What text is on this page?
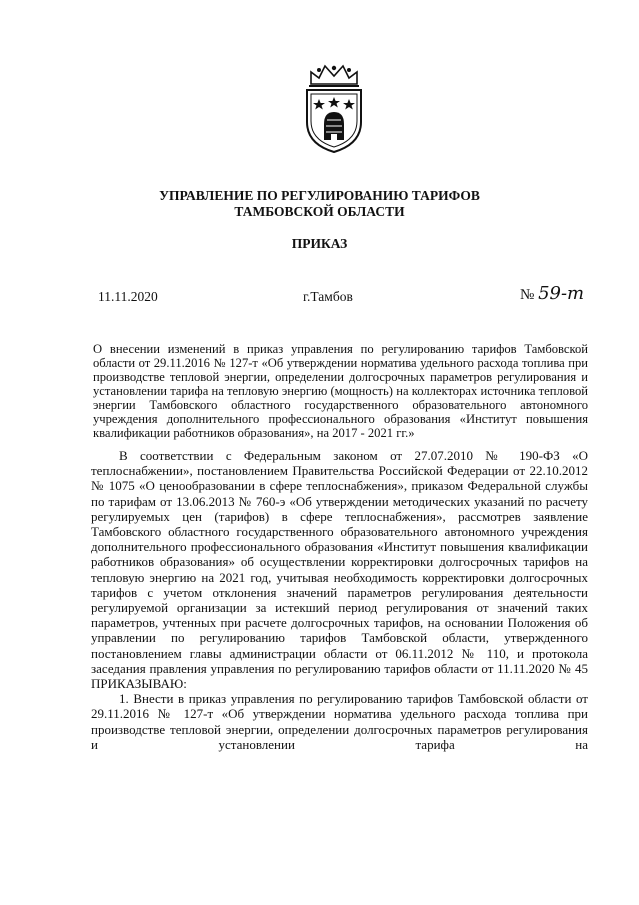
УПРАВЛЕНИЕ ПО РЕГУЛИРОВАНИЮ ТАРИФОВ
ТАМБОВСКОЙ ОБЛАСТИ
ПРИКАЗ
11.11.2020	г.Тамбов	№ 59-т
О внесении изменений в приказ управления по регулированию тарифов Тамбовской области от 29.11.2016 № 127-т «Об утверждении норматива удельного расхода топлива при производстве тепловой энергии, определении долгосрочных параметров регулирования и установлении тарифа на тепловую энергию (мощность) на коллекторах источника тепловой энергии Тамбовского областного государственного образовательного автономного учреждения дополнительного профессионального образования «Институт повышения квалификации работников образования», на 2017 - 2021 гг.»

В соответствии с Федеральным законом от 27.07.2010 № 190-ФЗ «О теплоснабжении», постановлением Правительства Российской Федерации от 22.10.2012 № 1075 «О ценообразовании в сфере теплоснабжения», приказом Федеральной службы по тарифам от 13.06.2013 № 760-э «Об утверждении методических указаний по расчету регулируемых цен (тарифов) в сфере теплоснабжения», рассмотрев заявление Тамбовского областного государственного образовательного автономного учреждения дополнительного профессионального образования «Институт повышения квалификации работников образования» об осуществлении корректировки долгосрочных тарифов на тепловую энергию на 2021 год, учитывая необходимость корректировки долгосрочных тарифов с учетом отклонения значений параметров регулирования деятельности регулируемой организации за истекший период регулирования от значений таких параметров, учтенных при расчете долгосрочных тарифов, на основании Положения об управлении по регулированию тарифов Тамбовской области, утвержденного постановлением главы администрации области от 06.11.2012 № 110, и протокола заседания правления управления по регулированию тарифов области от 11.11.2020 № 45 ПРИКАЗЫВАЮ:

1. Внести в приказ управления по регулированию тарифов Тамбовской области от 29.11.2016 № 127-т «Об утверждении норматива удельного расхода топлива при производстве тепловой энергии, определении долгосрочных параметров регулирования и установлении тарифа на
